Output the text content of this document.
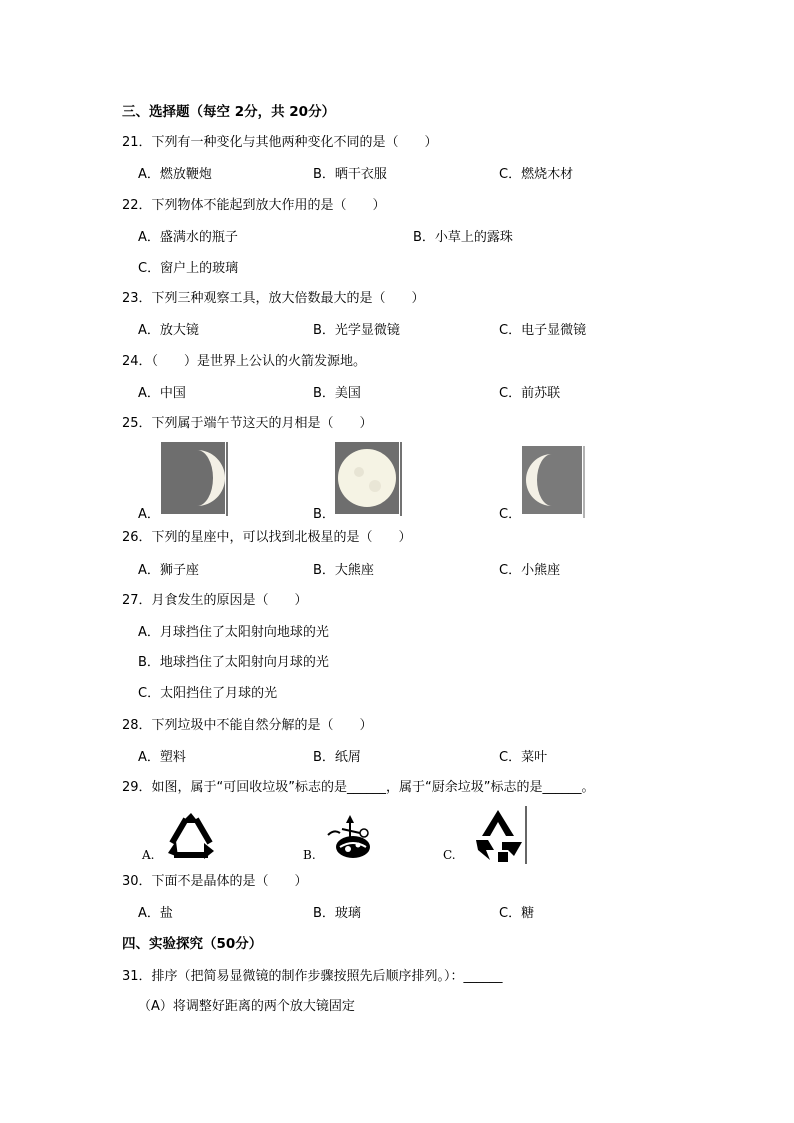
三、选择题（每空 2分，共 20分）
21．下列有一种变化与其他两种变化不同的是（　　）
A．燃放鞭炮	B．晒干衣服	C．燃烧木材
22．下列物体不能起到放大作用的是（　　）
A．盛满水的瓶子	B．小草上的露珠
C．窗户上的玻璃
23．下列三种观察工具，放大倍数最大的是（　　）
A．放大镜	B．光学显微镜	C．电子显微镜
24．（　　）是世界上公认的火箭发源地。
A．中国	B．美国	C．前苏联
25．下列属于端午节这天的月相是（　　）
A．	B．	C．
26．下列的星座中，可以找到北极星的是（　　）
A．狮子座	B．大熊座	C．小熊座
27．月食发生的原因是（　　）
A．月球挡住了太阳射向地球的光
B．地球挡住了太阳射向月球的光
C．太阳挡住了月球的光
28．下列垃圾中不能自然分解的是（　　）
A．塑料	B．纸屑	C．菜叶
29．如图，属于“可回收垃圾”标志的是______，属于“厨余垃圾”标志的是______。
A.	B.	C.
30．下面不是晶体的是（　　）
A．盐	B．玻璃	C．糖
四、实验探究（50分）
31．排序（把简易显微镜的制作步骤按照先后顺序排列。）：______
（A）将调整好距离的两个放大镜固定
